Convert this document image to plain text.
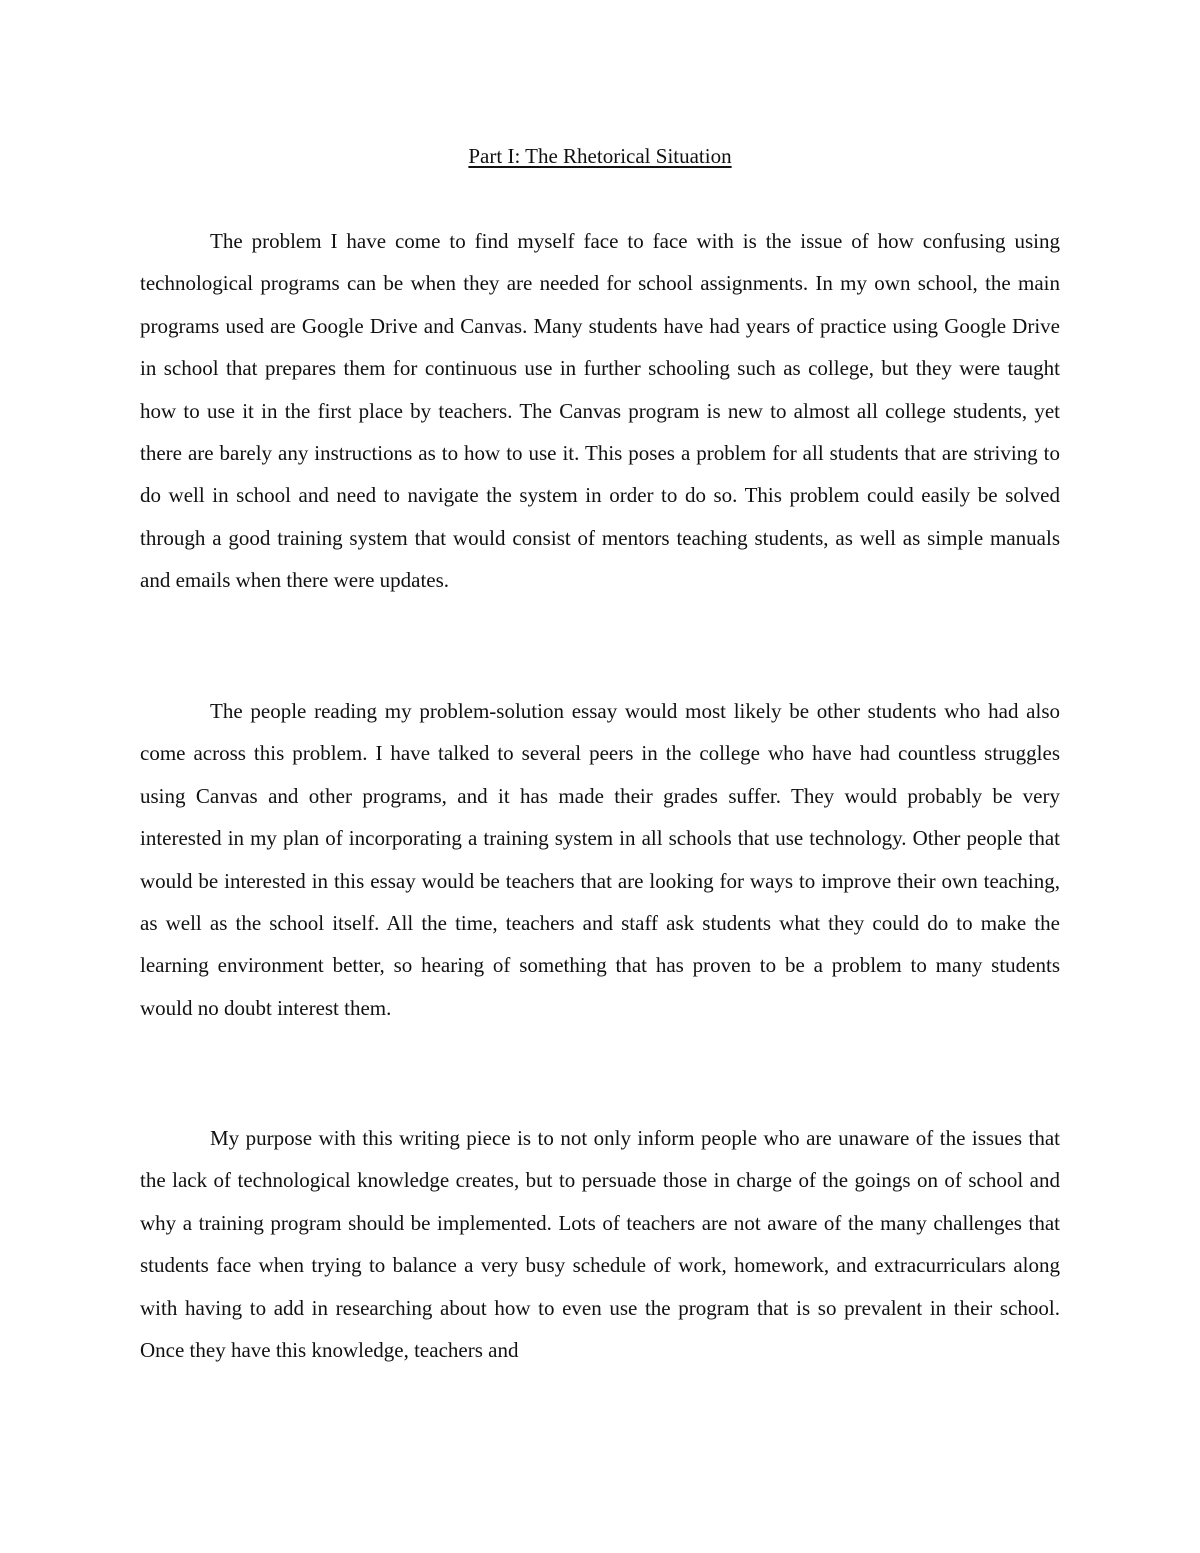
Part I: The Rhetorical Situation

The problem I have come to find myself face to face with is the issue of how confusing using technological programs can be when they are needed for school assignments. In my own school, the main programs used are Google Drive and Canvas. Many students have had years of practice using Google Drive in school that prepares them for continuous use in further schooling such as college, but they were taught how to use it in the first place by teachers. The Canvas program is new to almost all college students, yet there are barely any instructions as to how to use it. This poses a problem for all students that are striving to do well in school and need to navigate the system in order to do so. This problem could easily be solved through a good training system that would consist of mentors teaching students, as well as simple manuals and emails when there were updates.

The people reading my problem-solution essay would most likely be other students who had also come across this problem. I have talked to several peers in the college who have had countless struggles using Canvas and other programs, and it has made their grades suffer. They would probably be very interested in my plan of incorporating a training system in all schools that use technology. Other people that would be interested in this essay would be teachers that are looking for ways to improve their own teaching, as well as the school itself. All the time, teachers and staff ask students what they could do to make the learning environment better, so hearing of something that has proven to be a problem to many students would no doubt interest them.

My purpose with this writing piece is to not only inform people who are unaware of the issues that the lack of technological knowledge creates, but to persuade those in charge of the goings on of school and why a training program should be implemented. Lots of teachers are not aware of the many challenges that students face when trying to balance a very busy schedule of work, homework, and extracurriculars along with having to add in researching about how to even use the program that is so prevalent in their school. Once they have this knowledge, teachers and
